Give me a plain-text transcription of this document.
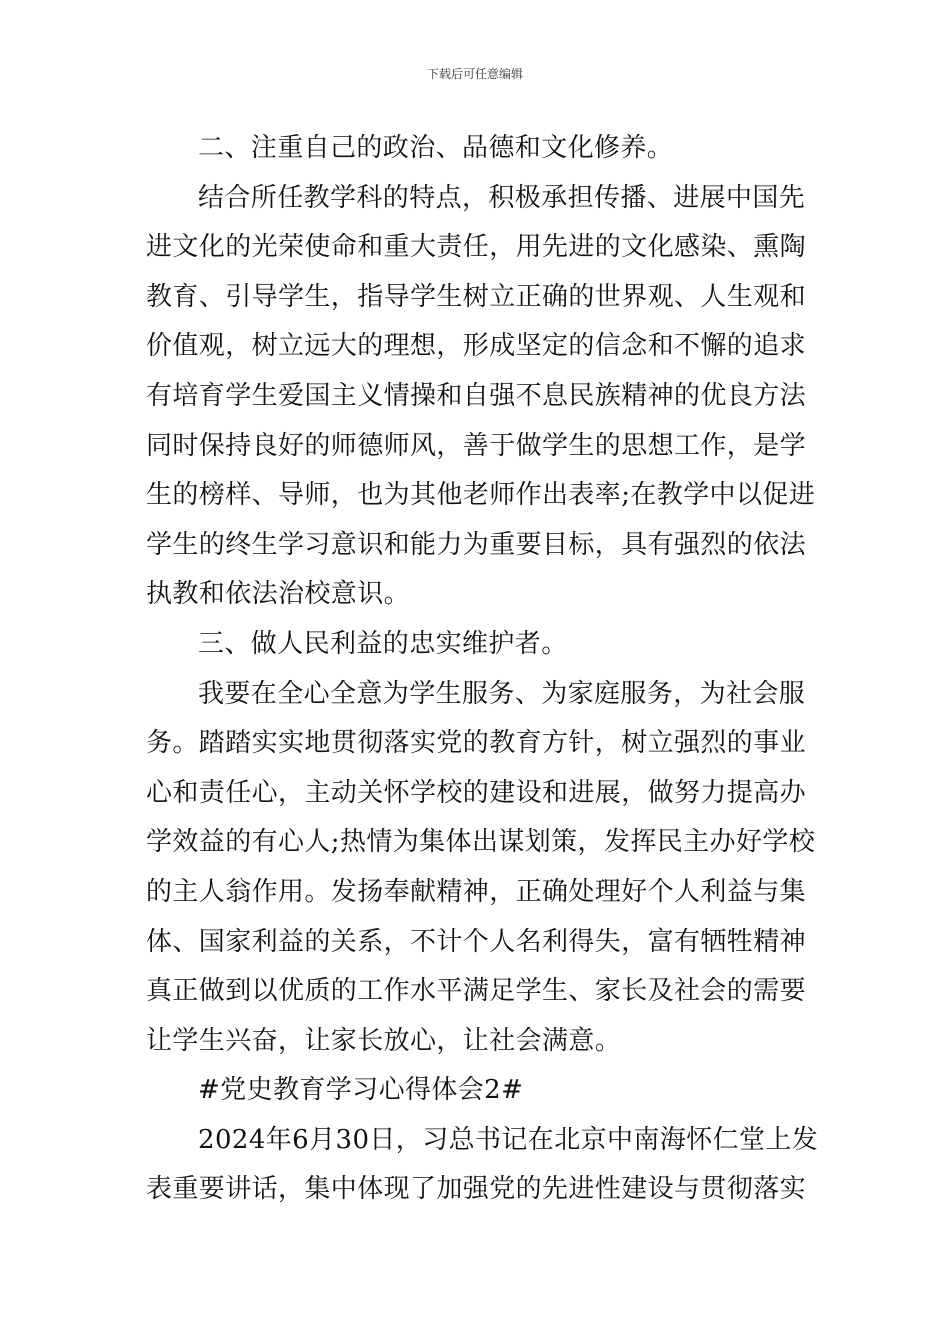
下载后可任意编辑
二、注重自己的政治、品德和文化修养。
结合所任教学科的特点，积极承担传播、进展中国先
进文化的光荣使命和重大责任，用先进的文化感染、熏陶
教育、引导学生，指导学生树立正确的世界观、人生观和
价值观，树立远大的理想，形成坚定的信念和不懈的追求
有培育学生爱国主义情操和自强不息民族精神的优良方法
同时保持良好的师德师风，善于做学生的思想工作，是学
生的榜样、导师，也为其他老师作出表率;在教学中以促进
学生的终生学习意识和能力为重要目标，具有强烈的依法
执教和依法治校意识。
三、做人民利益的忠实维护者。
我要在全心全意为学生服务、为家庭服务，为社会服
务。踏踏实实地贯彻落实党的教育方针，树立强烈的事业
心和责任心，主动关怀学校的建设和进展，做努力提高办
学效益的有心人;热情为集体出谋划策，发挥民主办好学校
的主人翁作用。发扬奉献精神，正确处理好个人利益与集
体、国家利益的关系，不计个人名利得失，富有牺牲精神
真正做到以优质的工作水平满足学生、家长及社会的需要
让学生兴奋，让家长放心，让社会满意。
#党史教育学习心得体会2#
2024年6月30日，习总书记在北京中南海怀仁堂上发
表重要讲话，集中体现了加强党的先进性建设与贯彻落实
